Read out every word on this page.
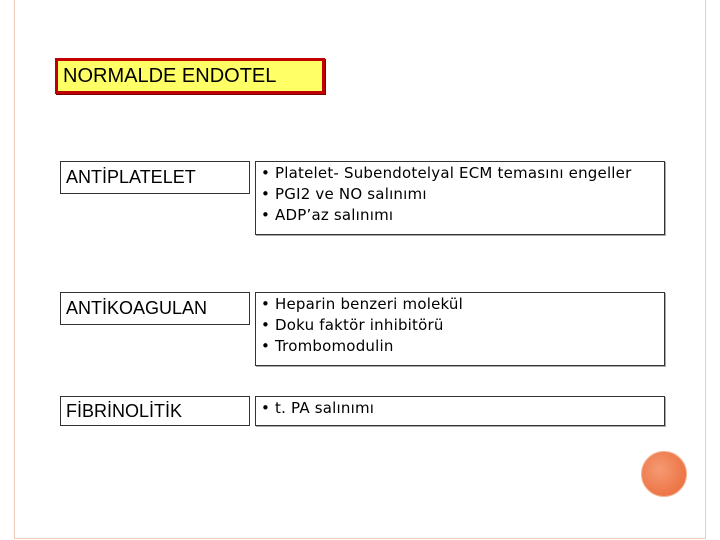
NORMALDE ENDOTEL
ANTİPLATELET	• Platelet- Subendotelyal ECM temasını engeller
• PGI2 ve NO salınımı
• ADP’az salınımı
ANTİKOAGULAN	• Heparin benzeri molekül
• Doku faktör inhibitörü
• Trombomodulin
FİBRİNOLİTİK	• t. PA salınımı
